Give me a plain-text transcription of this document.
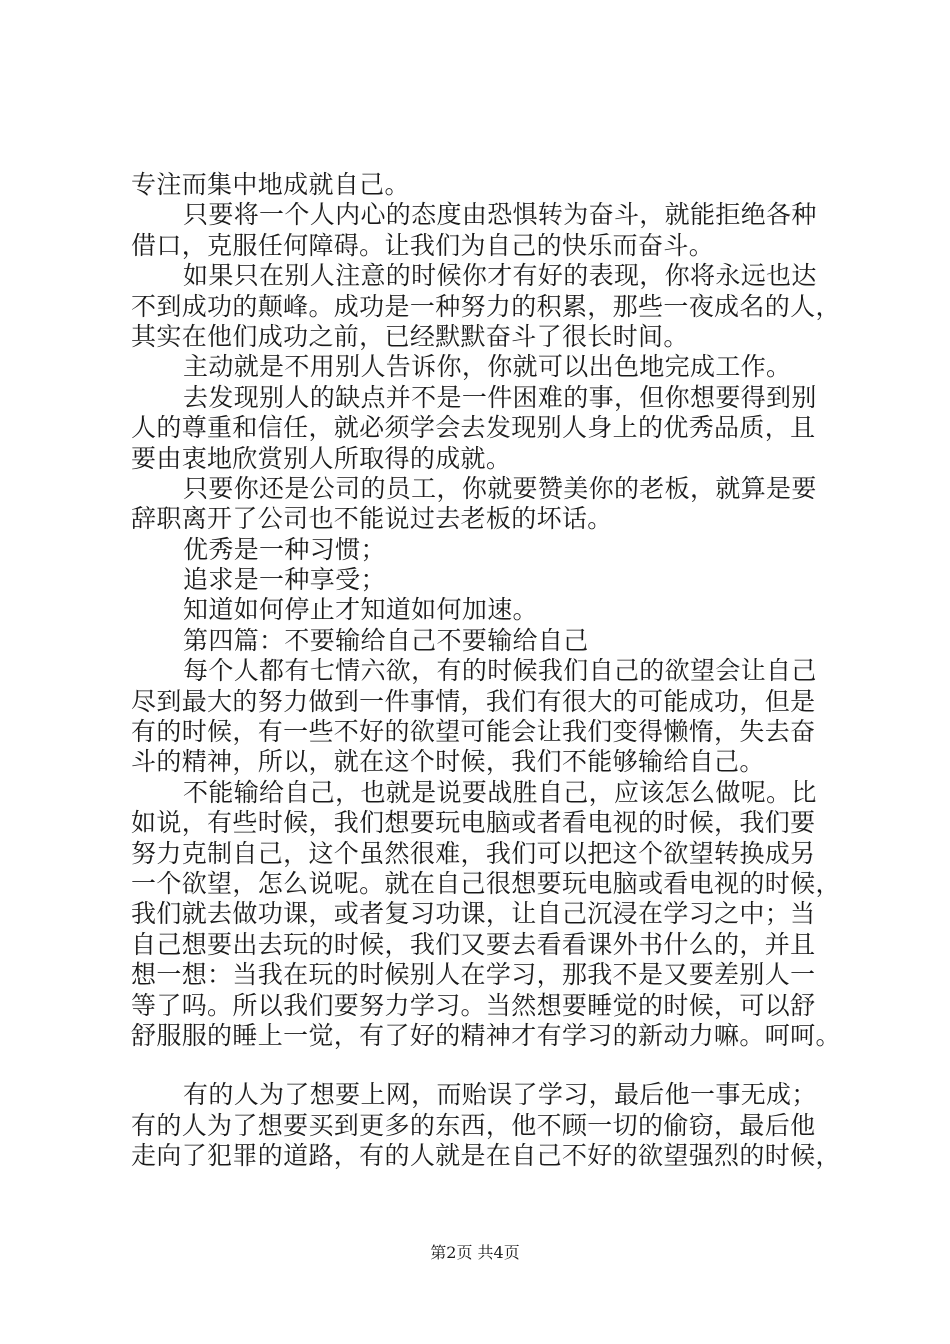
专注而集中地成就自己。
只要将一个人内心的态度由恐惧转为奋斗，就能拒绝各种
借口，克服任何障碍。让我们为自己的快乐而奋斗。
如果只在别人注意的时候你才有好的表现，你将永远也达
不到成功的颠峰。成功是一种努力的积累，那些一夜成名的人，
其实在他们成功之前，已经默默奋斗了很长时间。
主动就是不用别人告诉你，你就可以出色地完成工作。
去发现别人的缺点并不是一件困难的事，但你想要得到别
人的尊重和信任，就必须学会去发现别人身上的优秀品质，且
要由衷地欣赏别人所取得的成就。
只要你还是公司的员工，你就要赞美你的老板，就算是要
辞职离开了公司也不能说过去老板的坏话。
优秀是一种习惯；
追求是一种享受；
知道如何停止才知道如何加速。
第四篇：不要输给自己不要输给自己
每个人都有七情六欲，有的时候我们自己的欲望会让自己
尽到最大的努力做到一件事情，我们有很大的可能成功，但是
有的时候，有一些不好的欲望可能会让我们变得懒惰，失去奋
斗的精神，所以，就在这个时候，我们不能够输给自己。
不能输给自己，也就是说要战胜自己，应该怎么做呢。比
如说，有些时候，我们想要玩电脑或者看电视的时候，我们要
努力克制自己，这个虽然很难，我们可以把这个欲望转换成另
一个欲望，怎么说呢。就在自己很想要玩电脑或看电视的时候，
我们就去做功课，或者复习功课，让自己沉浸在学习之中；当
自己想要出去玩的时候，我们又要去看看课外书什么的，并且
想一想：当我在玩的时候别人在学习，那我不是又要差别人一
等了吗。所以我们要努力学习。当然想要睡觉的时候，可以舒
舒服服的睡上一觉，有了好的精神才有学习的新动力嘛。呵呵。
有的人为了想要上网，而贻误了学习，最后他一事无成；
有的人为了想要买到更多的东西，他不顾一切的偷窃，最后他
走向了犯罪的道路，有的人就是在自己不好的欲望强烈的时候，
第2页 共4页
